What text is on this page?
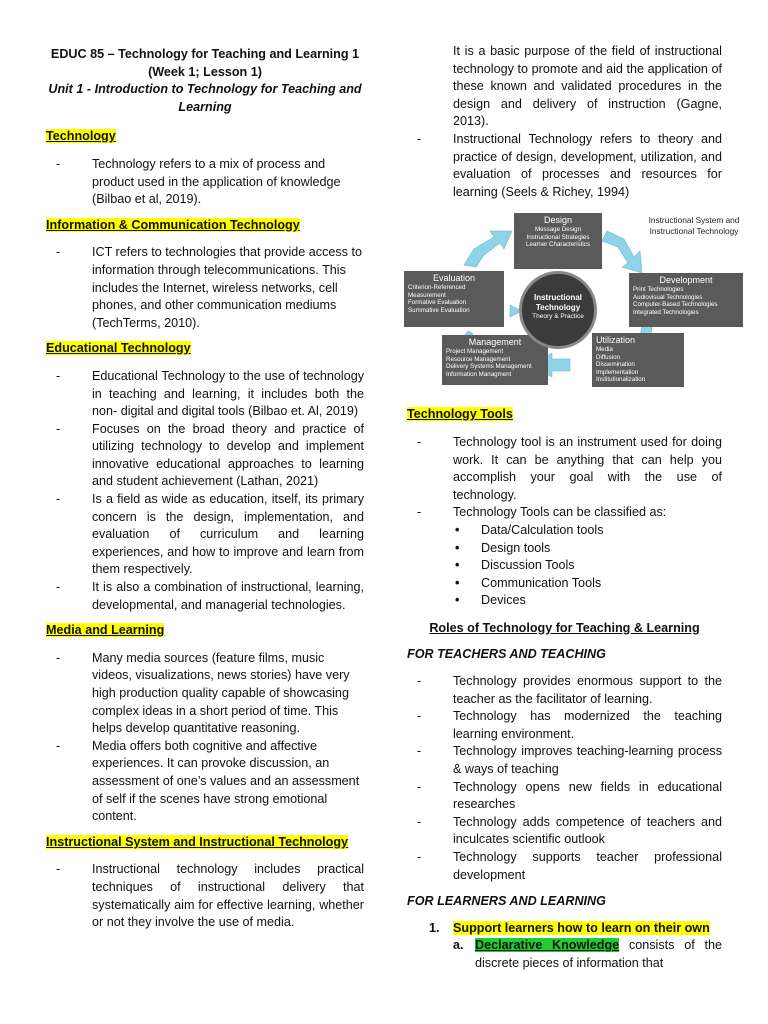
EDUC 85 – Technology for Teaching and Learning 1
(Week 1; Lesson 1)
Unit 1 - Introduction to Technology for Teaching and Learning

Technology

- Technology refers to a mix of process and product used in the application of knowledge (Bilbao et al, 2019).

Information & Communication Technology

- ICT refers to technologies that provide access to information through telecommunications. This includes the Internet, wireless networks, cell phones, and other communication mediums (TechTerms, 2010).

Educational Technology

- Educational Technology to the use of technology in teaching and learning, it includes both the non- digital and digital tools (Bilbao et. Al, 2019)
- Focuses on the broad theory and practice of utilizing technology to develop and implement innovative educational approaches to learning and student achievement (Lathan, 2021)
- Is a field as wide as education, itself, its primary concern is the design, implementation, and evaluation of curriculum and learning experiences, and how to improve and learn from them respectively.
- It is also a combination of instructional, learning, developmental, and managerial technologies.

Media and Learning

- Many media sources (feature films, music videos, visualizations, news stories) have very high production quality capable of showcasing complex ideas in a short period of time. This helps develop quantitative reasoning.
- Media offers both cognitive and affective experiences. It can provoke discussion, an assessment of one’s values and an assessment of self if the scenes have strong emotional content.

Instructional System and Instructional Technology

- Instructional technology includes practical techniques of instructional delivery that systematically aim for effective learning, whether or not they involve the use of media.

It is a basic purpose of the field of instructional technology to promote and aid the application of these known and validated procedures in the design and delivery of instruction (Gagne, 2013).

- Instructional Technology refers to theory and practice of design, development, utilization, and evaluation of processes and resources for learning (Seels & Richey, 1994)
Instructional System and Instructional Technology
Design
Message Design
Instructional Strategies
Learner Characteristics
Development
Print Technologies
Audiovisual Technologies
Computer-Based Technologies
Integrated Technologies
Utilization
Media
Diffusion
Dissemination
Implementation
Institutionalization
Management
Project Management
Resource Management
Delivery Systems Management
Information Managment
Evaluation
Criterion-Referenced
Measurement
Formative Evaluation
Summative Evaluation
Instructional Technology
Theory & Practice

Technology Tools

- Technology tool is an instrument used for doing work. It can be anything that can help you accomplish your goal with the use of technology.
- Technology Tools can be classified as:
• Data/Calculation tools
• Design tools
• Discussion Tools
• Communication Tools
• Devices

Roles of Technology for Teaching & Learning

FOR TEACHERS AND TEACHING

- Technology provides enormous support to the teacher as the facilitator of learning.
- Technology has modernized the teaching learning environment.
- Technology improves teaching-learning process & ways of teaching
- Technology opens new fields in educational researches
- Technology adds competence of teachers and inculcates scientific outlook
- Technology supports teacher professional development

FOR LEARNERS AND LEARNING

1. Support learners how to learn on their own
a. Declarative Knowledge consists of the discrete pieces of information that
